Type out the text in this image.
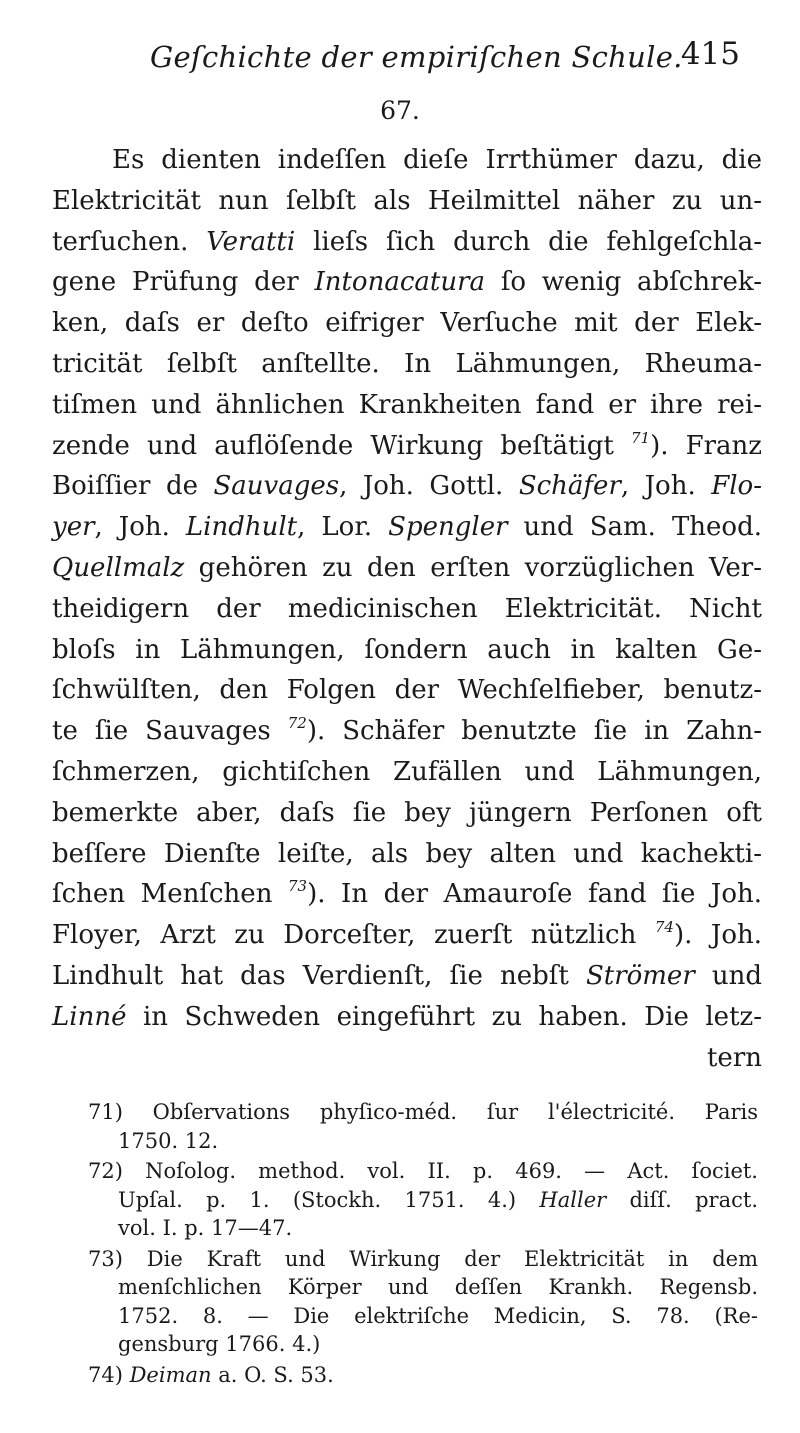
Geſchichte der empiriſchen Schule.
415
67.
Es dienten indeſſen dieſe Irrthümer dazu, die
Elektricität nun ſelbſt als Heilmittel näher zu un-
terſuchen. Veratti lieſs ſich durch die fehlgeſchla-
gene Prüfung der Intonacatura ſo wenig abſchrek-
ken, daſs er deſto eifriger Verſuche mit der Elek-
tricität ſelbſt anſtellte. In Lähmungen, Rheuma-
tiſmen und ähnlichen Krankheiten fand er ihre rei-
zende und auflöſende Wirkung beſtätigt $^{71}$). Franz
Boiſſier de Sauvages, Joh. Gottl. Schäfer, Joh. Flo-
yer, Joh. Lindhult, Lor. Spengler und Sam. Theod.
Quellmalz gehören zu den erſten vorzüglichen Ver-
theidigern der medicinischen Elektricität. Nicht
bloſs in Lähmungen, ſondern auch in kalten Ge-
ſchwülſten, den Folgen der Wechſelfieber, benutz-
te ſie Sauvages $^{72}$). Schäfer benutzte ſie in Zahn-
ſchmerzen, gichtiſchen Zufällen und Lähmungen,
bemerkte aber, daſs ſie bey jüngern Perſonen oft
beſſere Dienſte leiſte, als bey alten und kachekti-
ſchen Menſchen $^{73}$). In der Amauroſe fand ſie Joh.
Floyer, Arzt zu Dorceſter, zuerſt nützlich $^{74}$). Joh.
Lindhult hat das Verdienſt, ſie nebſt Strömer und
Linné in Schweden eingeführt zu haben. Die letz-
tern
71) Obſervations phyſico-méd. ſur l'électricité. Paris
1750. 12.
72) Noſolog. method. vol. II. p. 469. — Act. ſociet.
Upſal. p. 1. (Stockh. 1751. 4.) Haller diſſ. pract.
vol. I. p. 17—47.
73) Die Kraft und Wirkung der Elektricität in dem
menſchlichen Körper und deſſen Krankh. Regensb.
1752. 8. — Die elektriſche Medicin, S. 78. (Re-
gensburg 1766. 4.)
74) Deiman a. O. S. 53.
